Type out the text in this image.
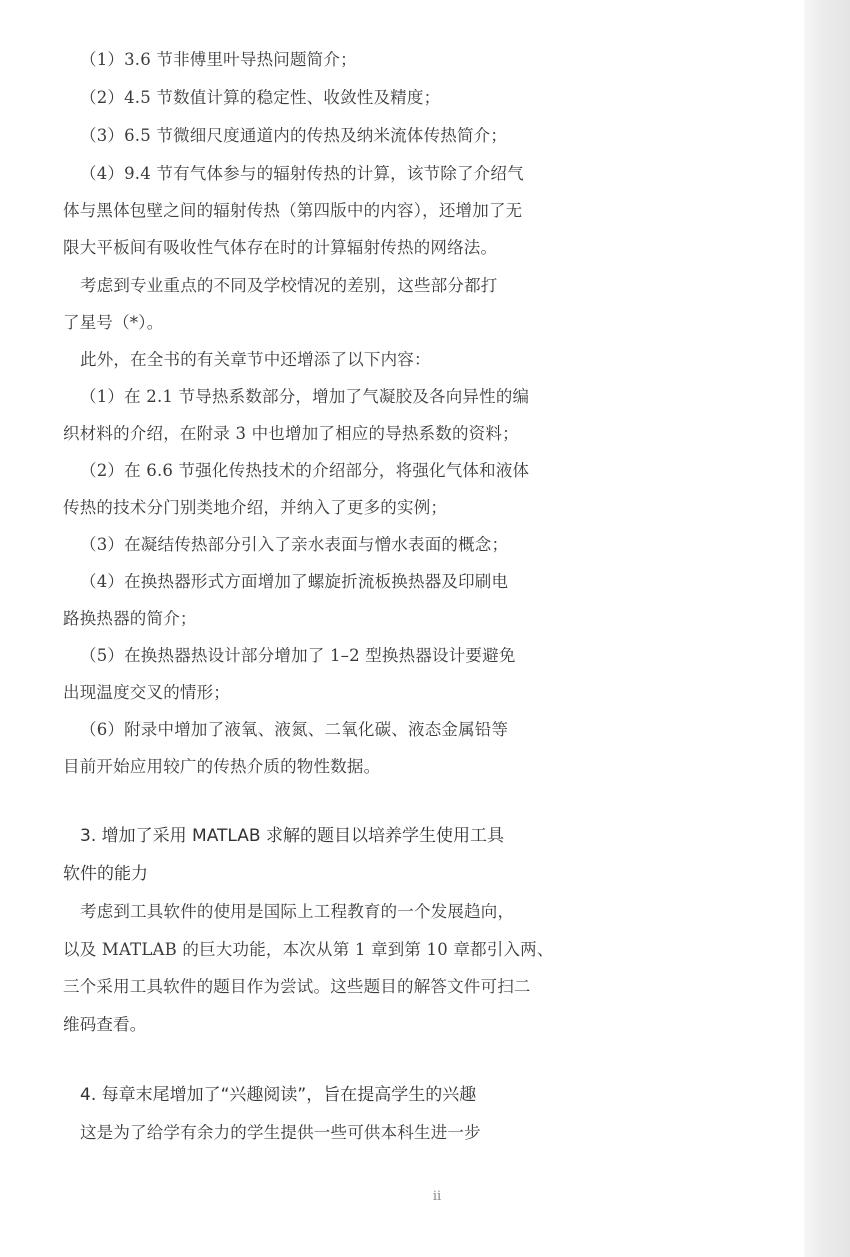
（1）3.6 节非傅里叶导热问题简介；
（2）4.5 节数值计算的稳定性、收敛性及精度；
（3）6.5 节微细尺度通道内的传热及纳米流体传热简介；
（4）9.4 节有气体参与的辐射传热的计算，该节除了介绍气
体与黑体包壁之间的辐射传热（第四版中的内容），还增加了无
限大平板间有吸收性气体存在时的计算辐射传热的网络法。
考虑到专业重点的不同及学校情况的差别，这些部分都打
了星号（*）。
此外，在全书的有关章节中还增添了以下内容：
（1）在 2.1 节导热系数部分，增加了气凝胶及各向异性的编
织材料的介绍，在附录 3 中也增加了相应的导热系数的资料；
（2）在 6.6 节强化传热技术的介绍部分，将强化气体和液体
传热的技术分门别类地介绍，并纳入了更多的实例；
（3）在凝结传热部分引入了亲水表面与憎水表面的概念；
（4）在换热器形式方面增加了螺旋折流板换热器及印刷电
路换热器的简介；
（5）在换热器热设计部分增加了 1–2 型换热器设计要避免
出现温度交叉的情形；
（6）附录中增加了液氧、液氮、二氧化碳、液态金属铅等
目前开始应用较广的传热介质的物性数据。
3. 增加了采用 MATLAB 求解的题目以培养学生使用工具
软件的能力
考虑到工具软件的使用是国际上工程教育的一个发展趋向，
以及 MATLAB 的巨大功能，本次从第 1 章到第 10 章都引入两、
三个采用工具软件的题目作为尝试。这些题目的解答文件可扫二
维码查看。
4. 每章末尾增加了“兴趣阅读”，旨在提高学生的兴趣
这是为了给学有余力的学生提供一些可供本科生进一步
ii
